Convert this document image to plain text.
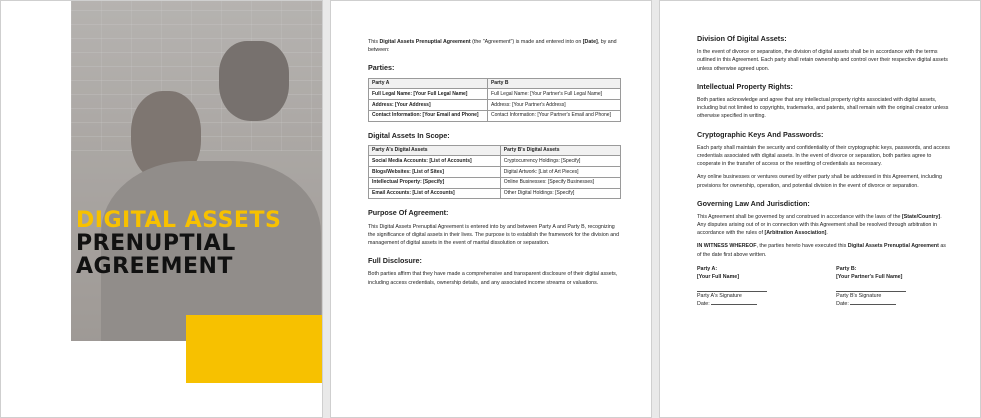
DIGITAL ASSETS
PRENUPTIAL
AGREEMENT

This Digital Assets Prenuptial Agreement (the "Agreement") is made and entered into on [Date], by and between:

Parties:
Party A	Party B
Full Legal Name: [Your Full Legal Name]	Full Legal Name: [Your Partner's Full Legal Name]
Address: [Your Address]	Address: [Your Partner's Address]
Contact Information: [Your Email and Phone]	Contact Information: [Your Partner's Email and Phone]
Digital Assets In Scope:
Party A's Digital Assets	Party B's Digital Assets
Social Media Accounts: [List of Accounts]	Cryptocurrency Holdings: [Specify]
Blogs/Websites: [List of Sites]	Digital Artwork: [List of Art Pieces]
Intellectual Property: [Specify]	Online Businesses: [Specify Businesses]
Email Accounts: [List of Accounts]	Other Digital Holdings: [Specify]
Purpose Of Agreement:

This Digital Assets Prenuptial Agreement is entered into by and between Party A and Party B, recognizing the significance of digital assets in their lives. The purpose is to establish the framework for the division and management of digital assets in the event of marital dissolution or separation.

Full Disclosure:

Both parties affirm that they have made a comprehensive and transparent disclosure of their digital assets, including access credentials, ownership details, and any associated income streams or valuations.

Division Of Digital Assets:

In the event of divorce or separation, the division of digital assets shall be in accordance with the terms outlined in this Agreement. Each party shall retain ownership and control over their respective digital assets unless otherwise agreed upon.

Intellectual Property Rights:

Both parties acknowledge and agree that any intellectual property rights associated with digital assets, including but not limited to copyrights, trademarks, and patents, shall remain with the original creator unless otherwise specified in writing.

Cryptographic Keys And Passwords:

Each party shall maintain the security and confidentiality of their cryptographic keys, passwords, and access credentials associated with digital assets. In the event of divorce or separation, both parties agree to cooperate in the transfer of access or the resetting of credentials as necessary.

Any online businesses or ventures owned by either party shall be addressed in this Agreement, including provisions for ownership, operation, and potential division in the event of divorce or separation.

Governing Law And Jurisdiction:

This Agreement shall be governed by and construed in accordance with the laws of the [State/Country]. Any disputes arising out of or in connection with this Agreement shall be resolved through arbitration in accordance with the rules of [Arbitration Association].

IN WITNESS WHEREOF, the parties hereto have executed this Digital Assets Prenuptial Agreement as of the date first above written.

Party A:
[Your Full Name]
Party A's Signature
Date:
Party B:
[Your Partner's Full Name]
Party B's Signature
Date:
